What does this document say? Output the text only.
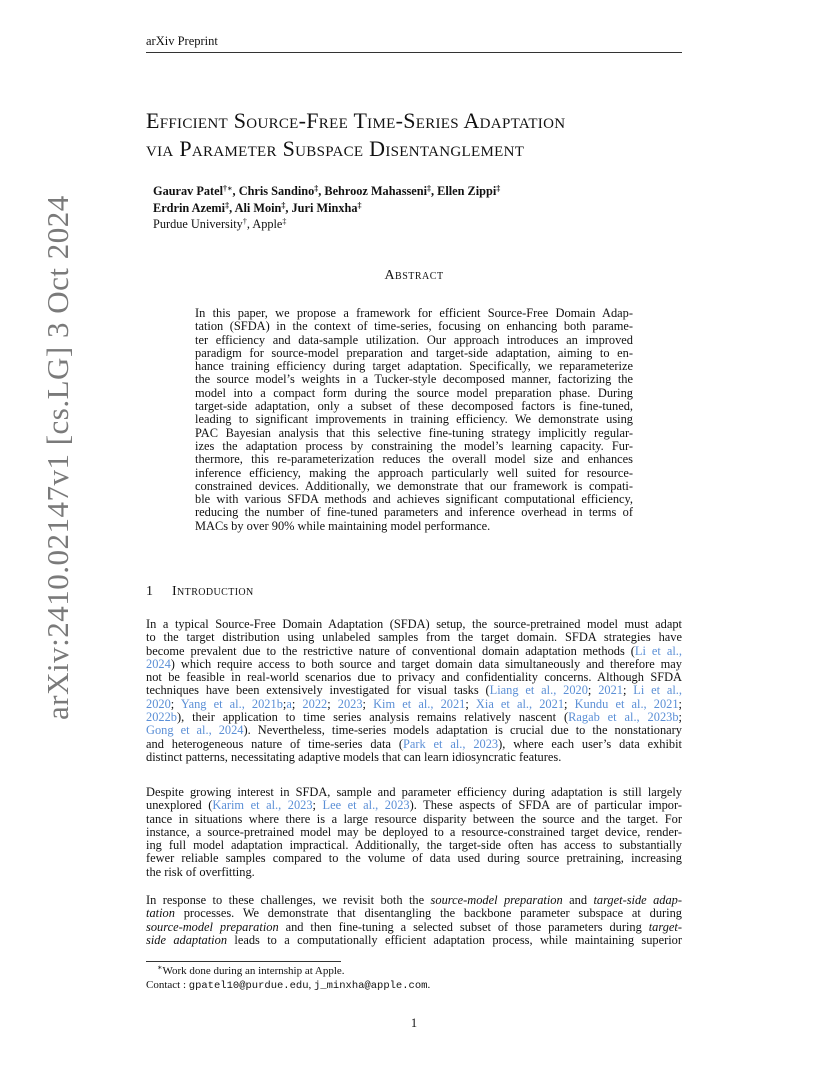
arXiv Preprint
arXiv:2410.02147v1 [cs.LG] 3 Oct 2024
Efficient Source-Free Time-Series Adaptation
via Parameter Subspace Disentanglement
Gaurav Patel†∗, Chris Sandino‡, Behrooz Mahasseni‡, Ellen Zippi‡
Erdrin Azemi‡, Ali Moin‡, Juri Minxha‡
Purdue University†, Apple‡
Abstract
In this paper, we propose a framework for efficient Source-Free Domain Adap-
tation (SFDA) in the context of time-series, focusing on enhancing both parame-
ter efficiency and data-sample utilization. Our approach introduces an improved
paradigm for source-model preparation and target-side adaptation, aiming to en-
hance training efficiency during target adaptation. Specifically, we reparameterize
the source model’s weights in a Tucker-style decomposed manner, factorizing the
model into a compact form during the source model preparation phase. During
target-side adaptation, only a subset of these decomposed factors is fine-tuned,
leading to significant improvements in training efficiency. We demonstrate using
PAC Bayesian analysis that this selective fine-tuning strategy implicitly regular-
izes the adaptation process by constraining the model’s learning capacity. Fur-
thermore, this re-parameterization reduces the overall model size and enhances
inference efficiency, making the approach particularly well suited for resource-
constrained devices. Additionally, we demonstrate that our framework is compati-
ble with various SFDA methods and achieves significant computational efficiency,
reducing the number of fine-tuned parameters and inference overhead in terms of
MACs by over 90% while maintaining model performance.
1 Introduction
In a typical Source-Free Domain Adaptation (SFDA) setup, the source-pretrained model must adapt
to the target distribution using unlabeled samples from the target domain. SFDA strategies have
become prevalent due to the restrictive nature of conventional domain adaptation methods (Li et al.,
2024) which require access to both source and target domain data simultaneously and therefore may
not be feasible in real-world scenarios due to privacy and confidentiality concerns. Although SFDA
techniques have been extensively investigated for visual tasks (Liang et al., 2020; 2021; Li et al.,
2020; Yang et al., 2021b;a; 2022; 2023; Kim et al., 2021; Xia et al., 2021; Kundu et al., 2021;
2022b), their application to time series analysis remains relatively nascent (Ragab et al., 2023b;
Gong et al., 2024). Nevertheless, time-series models adaptation is crucial due to the nonstationary
and heterogeneous nature of time-series data (Park et al., 2023), where each user’s data exhibit
distinct patterns, necessitating adaptive models that can learn idiosyncratic features.
Despite growing interest in SFDA, sample and parameter efficiency during adaptation is still largely
unexplored (Karim et al., 2023; Lee et al., 2023). These aspects of SFDA are of particular impor-
tance in situations where there is a large resource disparity between the source and the target. For
instance, a source-pretrained model may be deployed to a resource-constrained target device, render-
ing full model adaptation impractical. Additionally, the target-side often has access to substantially
fewer reliable samples compared to the volume of data used during source pretraining, increasing
the risk of overfitting.
In response to these challenges, we revisit both the source-model preparation and target-side adap-
tation processes. We demonstrate that disentangling the backbone parameter subspace at during
source-model preparation and then fine-tuning a selected subset of those parameters during target-
side adaptation leads to a computationally efficient adaptation process, while maintaining superior
∗Work done during an internship at Apple.
Contact : gpatel10@purdue.edu, j_minxha@apple.com.
1
